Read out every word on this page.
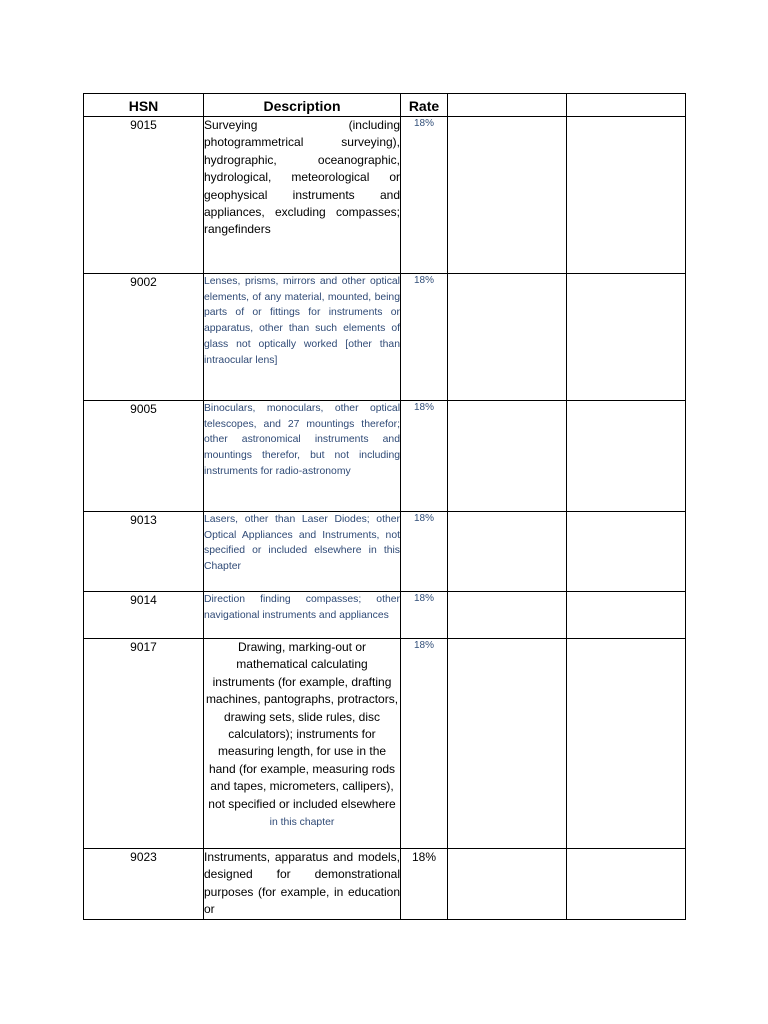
HSN	Description	Rate		
9015	Surveying (including photogrammetrical surveying), hydrographic, oceanographic, hydrological, meteorological or geophysical instruments and appliances, excluding compasses; rangefinders	18%		
9002	Lenses, prisms, mirrors and other optical elements, of any material, mounted, being parts of or fittings for instruments or apparatus, other than such elements of glass not optically worked [other than intraocular lens]	18%		
9005	Binoculars, monoculars, other optical telescopes, and 27 mountings therefor; other astronomical instruments and mountings therefor, but not including instruments for radio-astronomy	18%		
9013	Lasers, other than Laser Diodes; other Optical Appliances and Instruments, not specified or included elsewhere in this Chapter	18%		
9014	Direction finding compasses; other navigational instruments and appliances	18%		
9017	Drawing, marking-out or mathematical calculating instruments (for example, drafting machines, pantographs, protractors, drawing sets, slide rules, disc calculators); instruments for measuring length, for use in the hand (for example, measuring rods and tapes, micrometers, callipers), not specified or included elsewhere in this chapter	18%		
9023	Instruments, apparatus and models, designed for demonstrational purposes (for example, in education or	18%		
